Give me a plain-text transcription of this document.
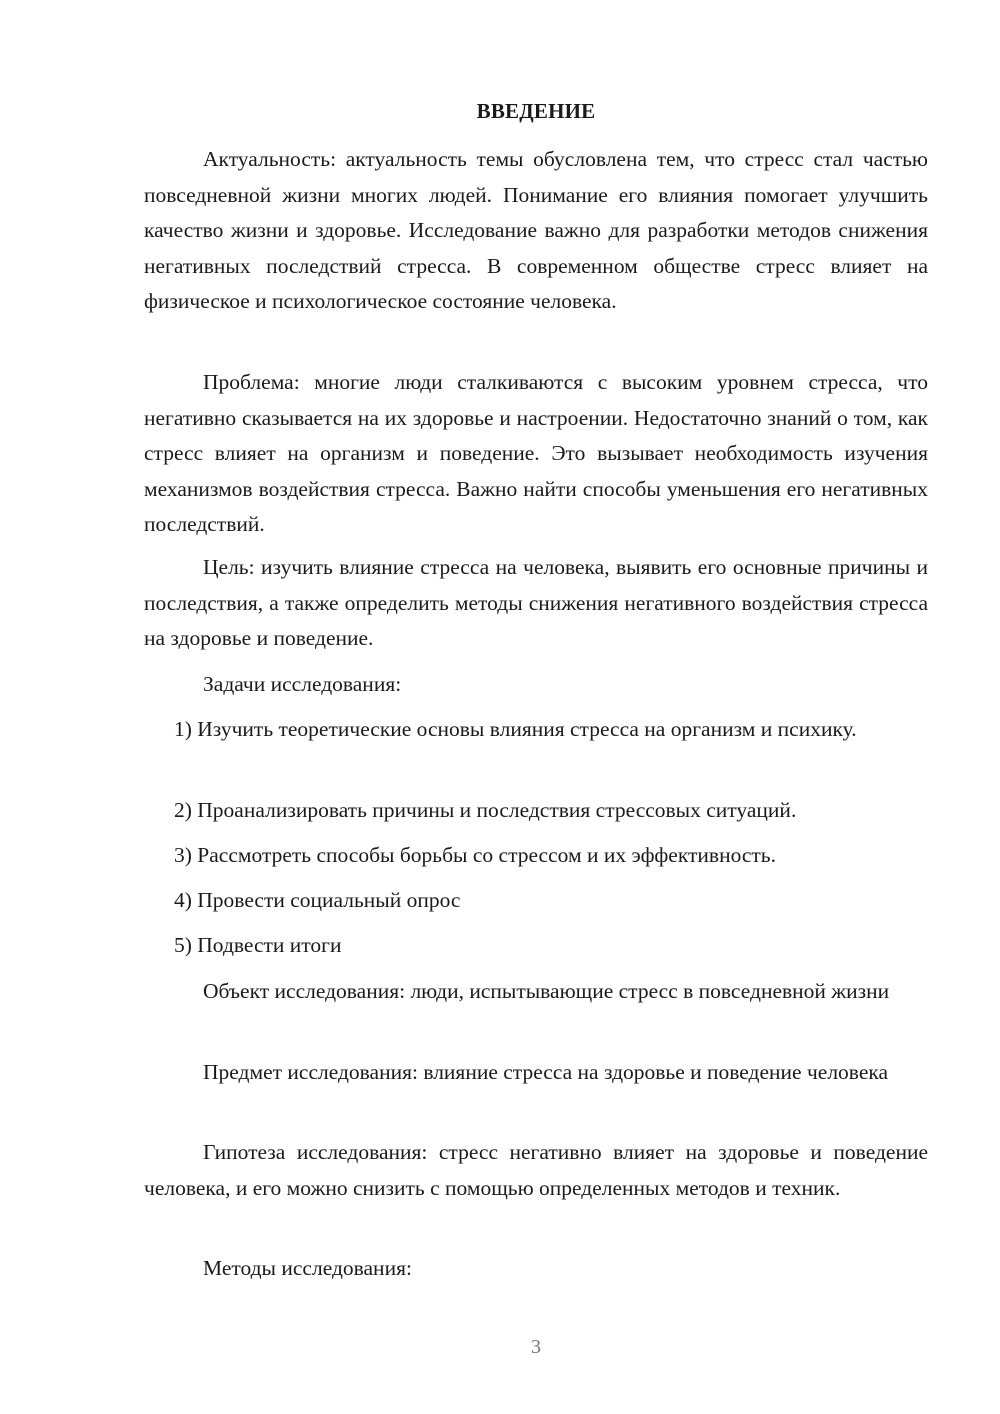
ВВЕДЕНИЕ

Актуальность: актуальность темы обусловлена тем, что стресс стал частью повседневной жизни многих людей. Понимание его влияния помогает улучшить качество жизни и здоровье. Исследование важно для разработки методов снижения негативных последствий стресса. В современном обществе стресс влияет на физическое и психологическое состояние человека.

Проблема: многие люди сталкиваются с высоким уровнем стресса, что негативно сказывается на их здоровье и настроении. Недостаточно знаний о том, как стресс влияет на организм и поведение. Это вызывает необходимость изучения механизмов воздействия стресса. Важно найти способы уменьшения его негативных последствий.

Цель: изучить влияние стресса на человека, выявить его основные причины и последствия, а также определить методы снижения негативного воздействия стресса на здоровье и поведение.

Задачи исследования:

1) Изучить теоретические основы влияния стресса на организм и психику.

2) Проанализировать причины и последствия стрессовых ситуаций.

3) Рассмотреть способы борьбы со стрессом и их эффективность.

4) Провести социальный опрос

5) Подвести итоги

Объект исследования: люди, испытывающие стресс в повседневной жизни

Предмет исследования: влияние стресса на здоровье и поведение человека

Гипотеза исследования: стресс негативно влияет на здоровье и поведение человека, и его можно снизить с помощью определенных методов и техник.

Методы исследования:

3
